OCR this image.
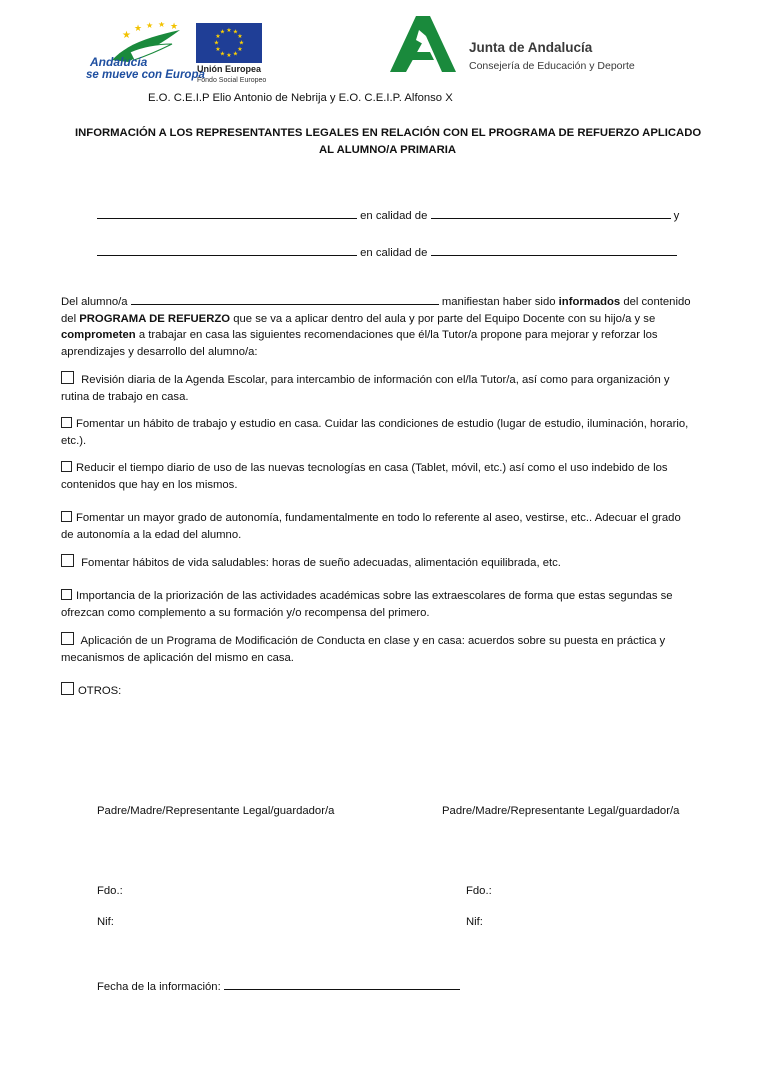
★
★ ★ ★ ★
Andalucía
se mueve con Europa
★ ★
★
★
★
★
★
★
★
★
★
★
Unión Europea
Fondo Social Europeo
Junta de Andalucía
Consejería de Educación y Deporte
E.O. C.E.I.P Elio Antonio de Nebrija y E.O. C.E.I.P. Alfonso X
INFORMACIÓN A LOS REPRESENTANTES LEGALES EN RELACIÓN CON EL PROGRAMA DE REFUERZO APLICADO
AL ALUMNO/A PRIMARIA
en calidad de	y
en calidad de
Del alumno/a	manifiestan haber sido informados del contenido
del PROGRAMA DE REFUERZO que se va a aplicar dentro del aula y por parte del Equipo Docente con su hijo/a y se
comprometen a trabajar en casa las siguientes recomendaciones que él/la Tutor/a propone para mejorar y reforzar los
aprendizajes y desarrollo del alumno/a:
Revisión diaria de la Agenda Escolar, para intercambio de información con el/la Tutor/a, así como para organización y
rutina de trabajo en casa.
Fomentar un hábito de trabajo y estudio en casa. Cuidar las condiciones de estudio (lugar de estudio, iluminación, horario,
etc.).
Reducir el tiempo diario de uso de las nuevas tecnologías en casa (Tablet, móvil, etc.) así como el uso indebido de los
contenidos que hay en los mismos.
Fomentar un mayor grado de autonomía, fundamentalmente en todo lo referente al aseo, vestirse, etc.. Adecuar el grado
de autonomía a la edad del alumno.
Fomentar hábitos de vida saludables: horas de sueño adecuadas, alimentación equilibrada, etc.
Importancia de la priorización de las actividades académicas sobre las extraescolares de forma que estas segundas se
ofrezcan como complemento a su formación y/o recompensa del primero.
Aplicación de un Programa de Modificación de Conducta en clase y en casa: acuerdos sobre su puesta en práctica y
mecanismos de aplicación del mismo en casa.
OTROS:
Padre/Madre/Representante Legal/guardador/a	Padre/Madre/Representante Legal/guardador/a
Fdo.:	Fdo.:
Nif:	Nif:
Fecha de la información:
